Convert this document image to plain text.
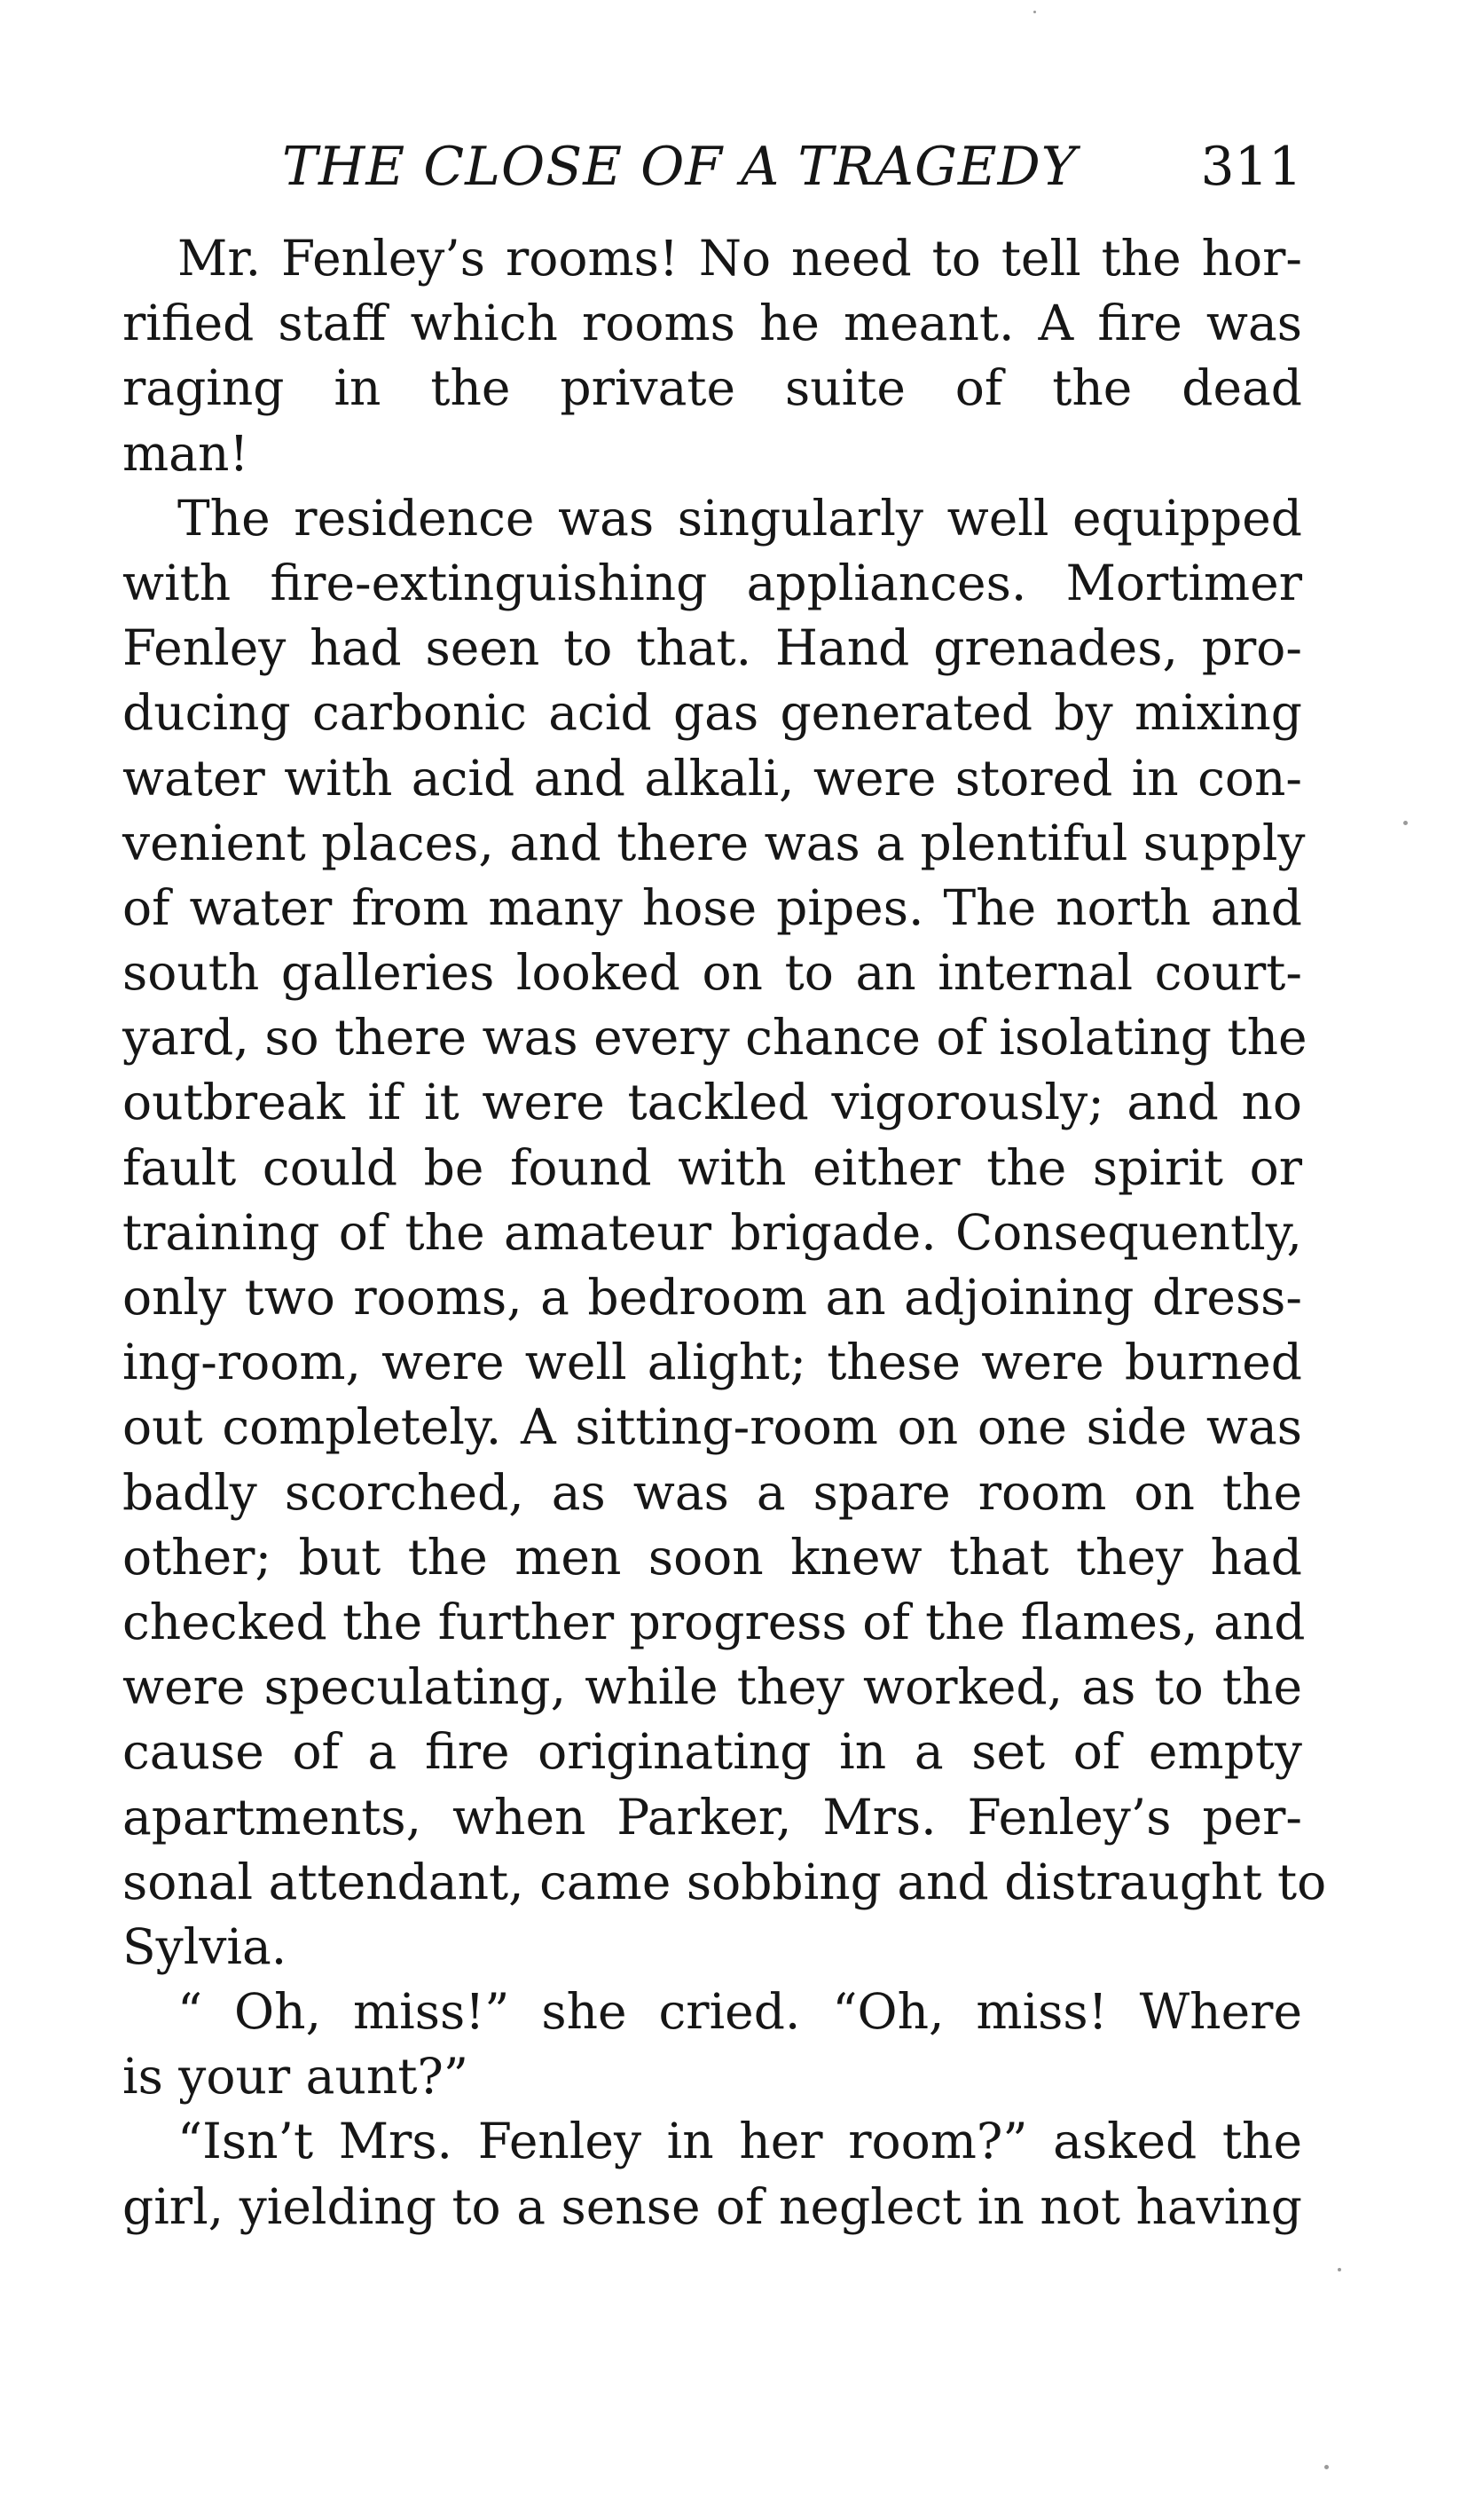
THE CLOSE OF A TRAGEDY 311
Mr. Fenley’s rooms! No need to tell the hor-
rified staff which rooms he meant. A fire was
raging in the private suite of the dead
man!
The residence was singularly well equipped
with fire-extinguishing appliances. Mortimer
Fenley had seen to that. Hand grenades, pro-
ducing carbonic acid gas generated by mixing
water with acid and alkali, were stored in con-
venient places, and there was a plentiful supply
of water from many hose pipes. The north and
south galleries looked on to an internal court-
yard, so there was every chance of isolating the
outbreak if it were tackled vigorously; and no
fault could be found with either the spirit or
training of the amateur brigade. Consequently,
only two rooms, a bedroom an adjoining dress-
ing-room, were well alight; these were burned
out completely. A sitting-room on one side was
badly scorched, as was a spare room on the
other; but the men soon knew that they had
checked the further progress of the flames, and
were speculating, while they worked, as to the
cause of a fire originating in a set of empty
apartments, when Parker, Mrs. Fenley’s per-
sonal attendant, came sobbing and distraught to
Sylvia.
“ Oh, miss!” she cried. “Oh, miss! Where
is your aunt?”
“Isn’t Mrs. Fenley in her room?” asked the
girl, yielding to a sense of neglect in not having
